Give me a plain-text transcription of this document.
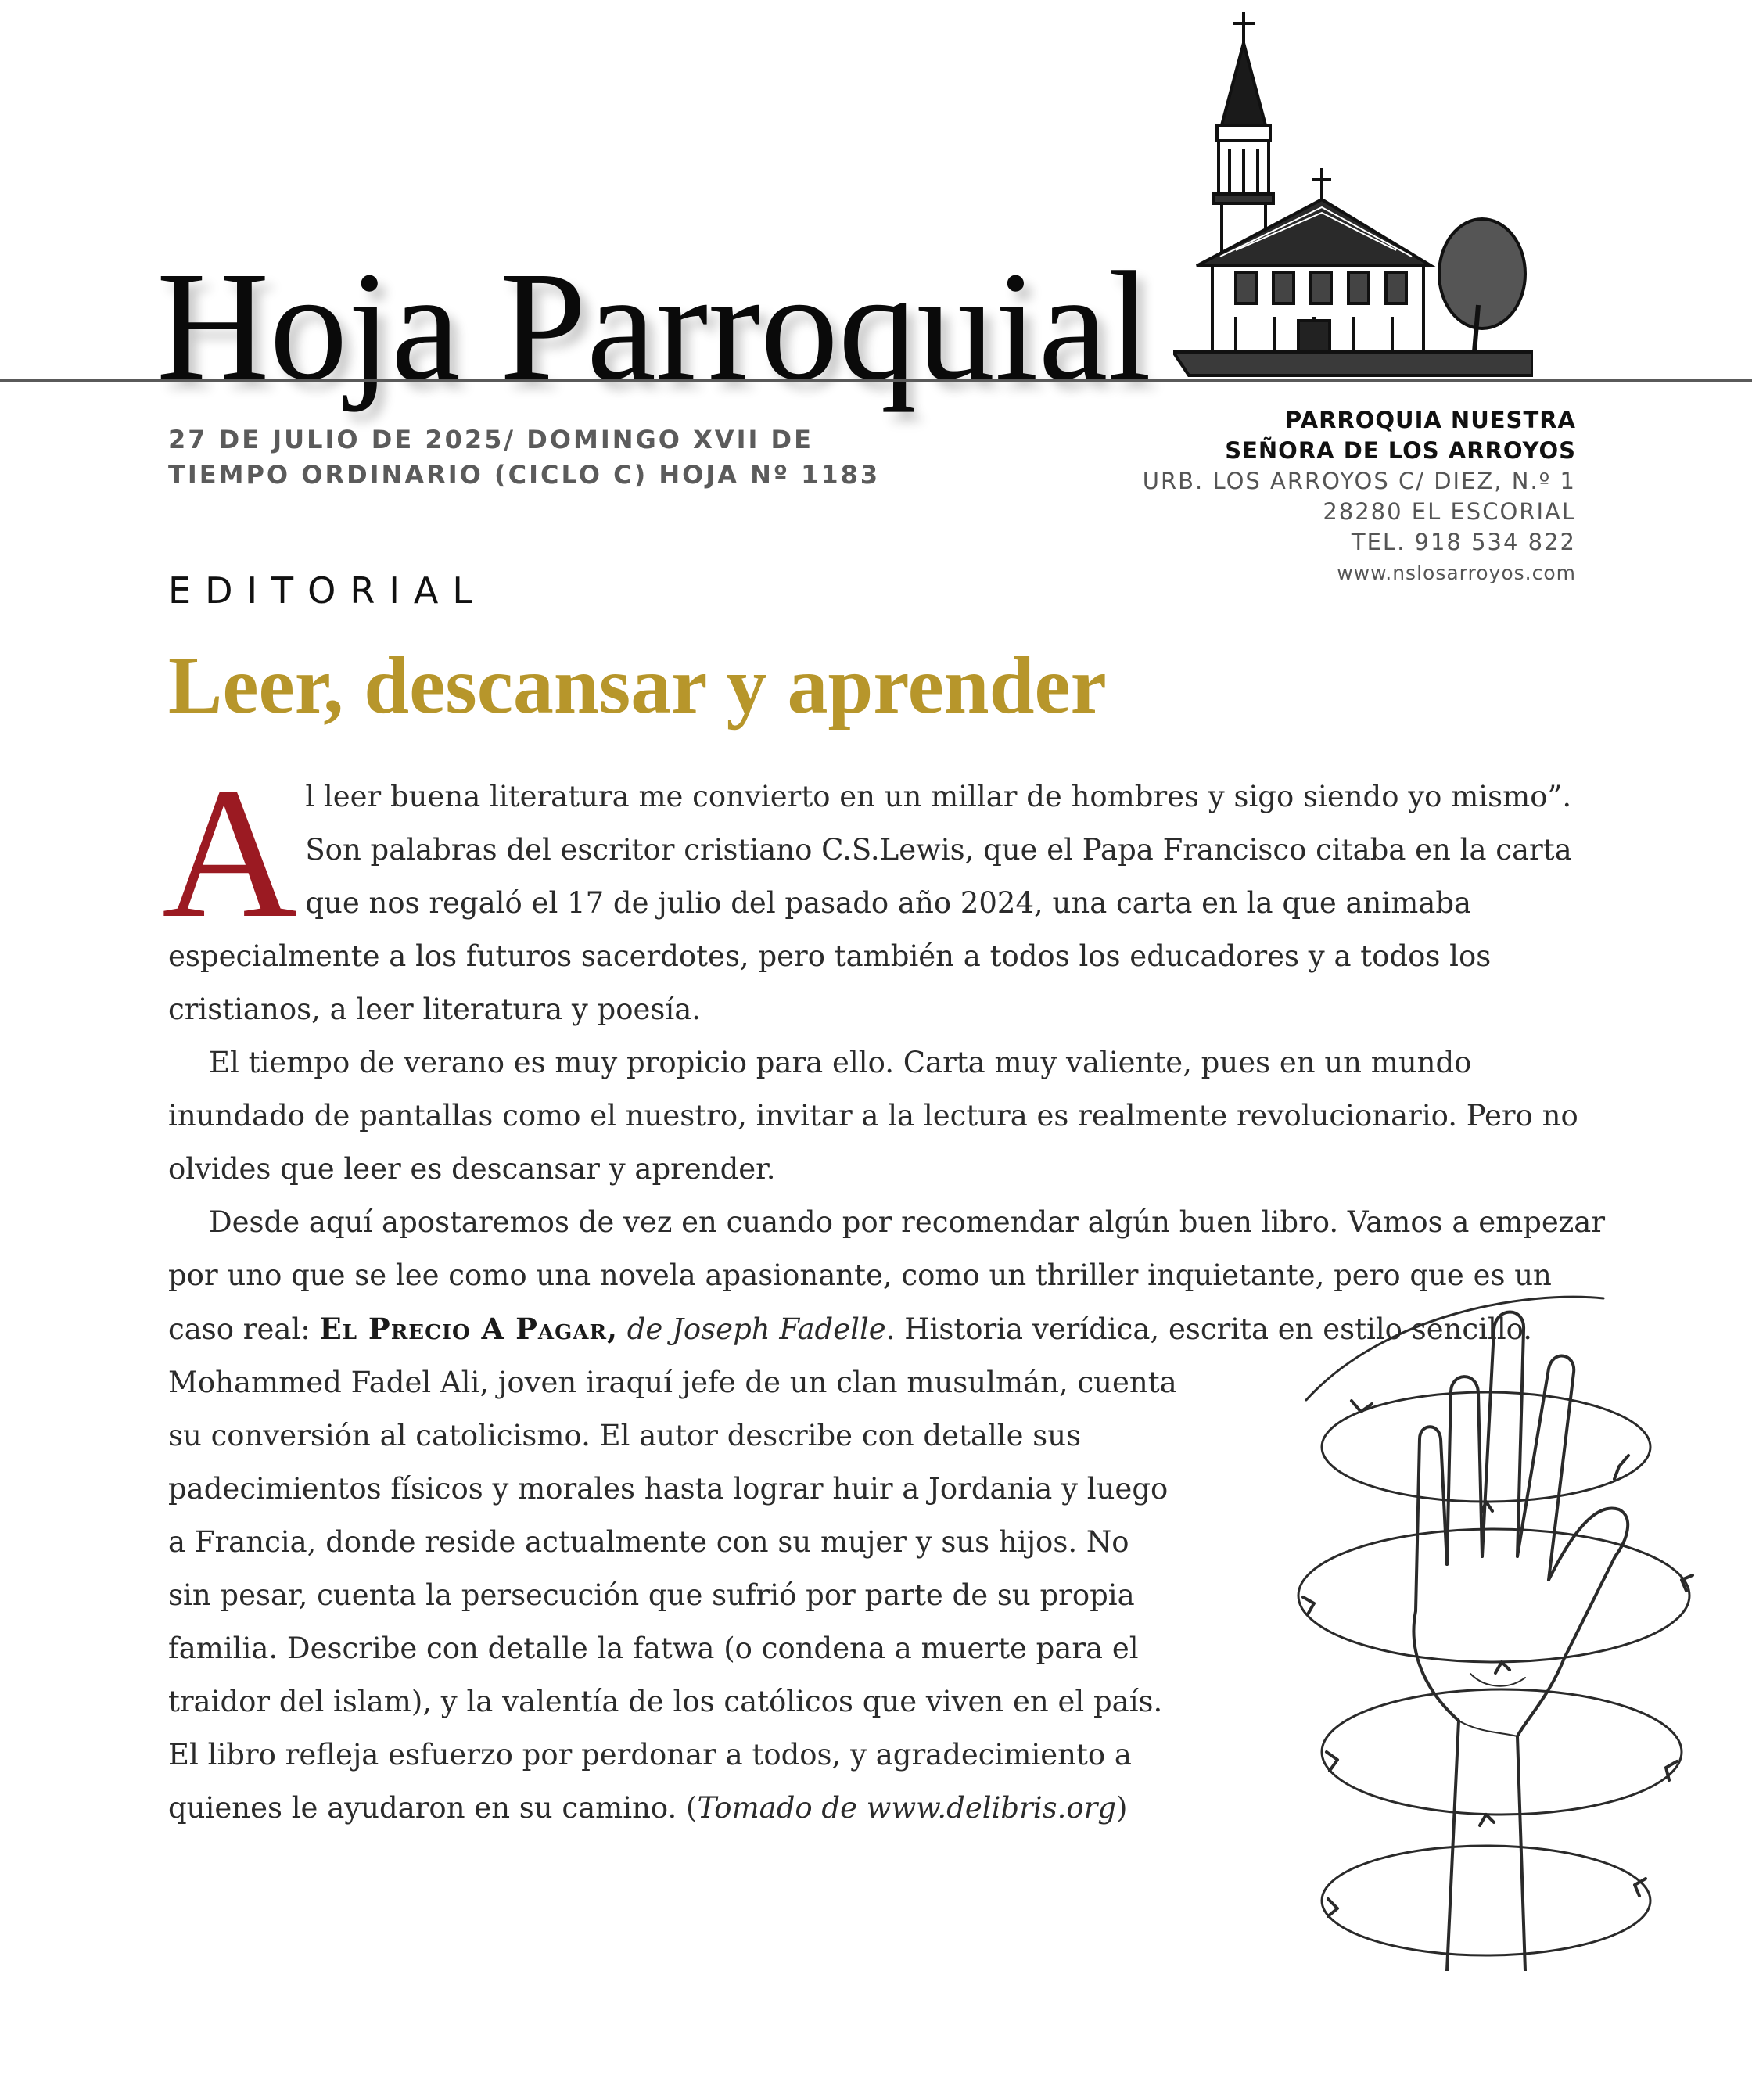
Hoja Parroquial
27 DE JULIO DE 2025/ DOMINGO XVII DE
TIEMPO ORDINARIO (CICLO C) HOJA Nº 1183
PARROQUIA NUESTRA
SEÑORA DE LOS ARROYOS
URB. LOS ARROYOS C/ DIEZ, N.º 1
28280 EL ESCORIAL
TEL. 918 534 822
www.nslosarroyos.com
EDITORIAL
Leer, descansar y aprender

Al leer buena literatura me convierto en un millar de hombres y sigo siendo yo mismo”. Son palabras del escritor cristiano C.S.Lewis, que el Papa Francisco citaba en la carta que nos regaló el 17 de julio del pasado año 2024, una carta en la que animaba especialmente a los futuros sacerdotes, pero también a todos los educadores y a todos los cristianos, a leer literatura y poesía.

El tiempo de verano es muy propicio para ello. Carta muy valiente, pues en un mundo inundado de pantallas como el nuestro, invitar a la lectura es realmente revolucionario. Pero no olvides que leer es descansar y aprender.

Desde aquí apostaremos de vez en cuando por recomendar algún buen libro. Vamos a empezar por uno que se lee como una novela apasionante, como un thriller inquietante, pero que es un caso real:
El Precio A Pagar, de Joseph Fadelle. Historia verídica, escrita en estilo sencillo. Mohammed Fadel Ali, joven iraquí jefe de un clan musulmán, cuenta su conversión al catolicismo. El autor describe con detalle sus padecimientos físicos y morales hasta lograr huir a Jordania y luego a Francia, donde reside actualmente con su mujer y sus hijos. No sin pesar, cuenta la persecución que sufrió por parte de su propia familia. Describe con detalle la fatwa (o condena a muerte para el traidor del islam), y la valentía de los católicos que viven en el país. El libro refleja esfuerzo por perdonar a todos, y agradecimiento a quienes le ayudaron en su camino. (Tomado de www.delibris.org)
